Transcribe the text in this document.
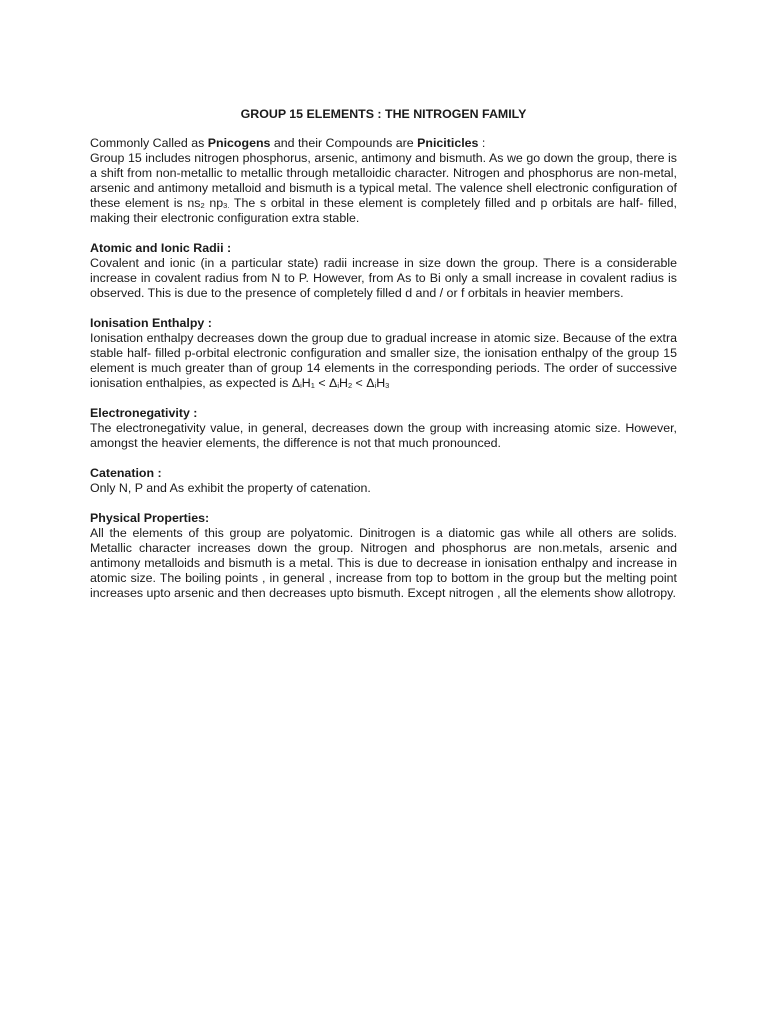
GROUP 15 ELEMENTS : THE NITROGEN FAMILY

Commonly Called as Pnicogens and their Compounds are Pniciticles :

Group 15 includes nitrogen phosphorus, arsenic, antimony and bismuth. As we go down the group, there is a shift from non-metallic to metallic through metalloidic character. Nitrogen and phosphorus are non-metal, arsenic and antimony metalloid and bismuth is a typical metal. The valence shell electronic configuration of these element is ns2 np3. The s orbital in these element is completely filled and p orbitals are half- filled, making their electronic configuration extra stable.

Atomic and Ionic Radii :

Covalent and ionic (in a particular state) radii increase in size down the group. There is a considerable increase in covalent radius from N to P. However, from As to Bi only a small increase in covalent radius is observed. This is due to the presence of completely filled d and / or f orbitals in heavier members.

Ionisation Enthalpy :

Ionisation enthalpy decreases down the group due to gradual increase in atomic size. Because of the extra stable half- filled p-orbital electronic configuration and smaller size, the ionisation enthalpy of the group 15 element is much greater than of group 14 elements in the corresponding periods. The order of successive ionisation enthalpies, as expected is ΔiH1 < ΔiH2 < ΔiH3

Electronegativity :

The electronegativity value, in general, decreases down the group with increasing atomic size. However, amongst the heavier elements, the difference is not that much pronounced.

Catenation :

Only N, P and As exhibit the property of catenation.

Physical Properties:

All the elements of this group are polyatomic. Dinitrogen is a diatomic gas while all others are solids. Metallic character increases down the group. Nitrogen and phosphorus are non.metals, arsenic and antimony metalloids and bismuth is a metal. This is due to decrease in ionisation enthalpy and increase in atomic size. The boiling points , in general , increase from top to bottom in the group but the melting point increases upto arsenic and then decreases upto bismuth. Except nitrogen , all the elements show allotropy.
